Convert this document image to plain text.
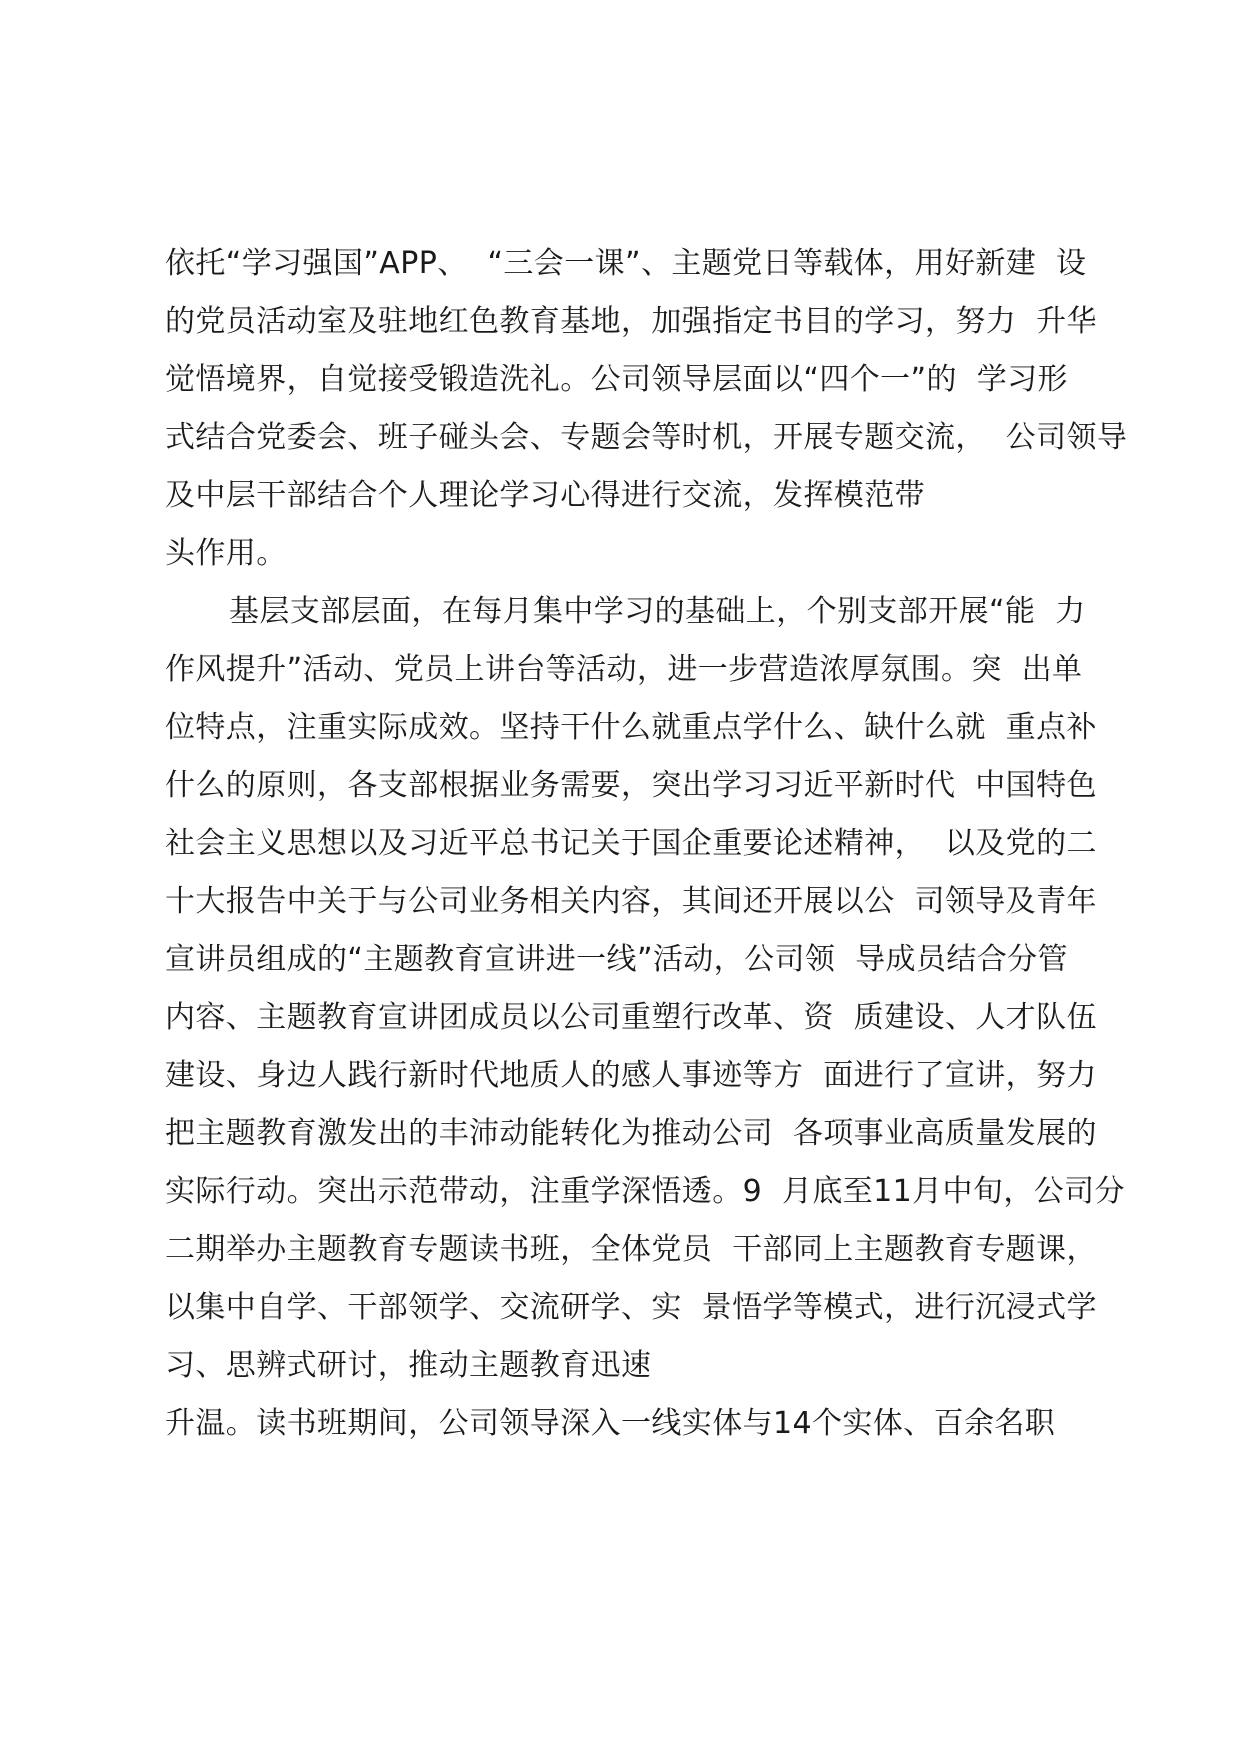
依托“学习强国”APP、  “三会一课”、主题党日等载体，用好新建  设
的党员活动室及驻地红色教育基地，加强指定书目的学习，努力  升华
觉悟境界，自觉接受锻造洗礼。公司领导层面以“四个一”的  学习形
式结合党委会、班子碰头会、专题会等时机，开展专题交流，  公司领导
及中层干部结合个人理论学习心得进行交流，发挥模范带
头作用。
基层支部层面，在每月集中学习的基础上，个别支部开展“能  力
作风提升”活动、党员上讲台等活动，进一步营造浓厚氛围。突  出单
位特点，注重实际成效。坚持干什么就重点学什么、缺什么就  重点补
什么的原则，各支部根据业务需要，突出学习习近平新时代  中国特色
社会主义思想以及习近平总书记关于国企重要论述精神，  以及党的二
十大报告中关于与公司业务相关内容，其间还开展以公  司领导及青年
宣讲员组成的“主题教育宣讲进一线”活动，公司领  导成员结合分管
内容、主题教育宣讲团成员以公司重塑行改革、资  质建设、人才队伍
建设、身边人践行新时代地质人的感人事迹等方  面进行了宣讲，努力
把主题教育激发出的丰沛动能转化为推动公司  各项事业高质量发展的
实际行动。突出示范带动，注重学深悟透。9  月底至11月中旬，公司分
二期举办主题教育专题读书班，全体党员  干部同上主题教育专题课，
以集中自学、干部领学、交流研学、实  景悟学等模式，进行沉浸式学
习、思辨式研讨，推动主题教育迅速
升温。读书班期间，公司领导深入一线实体与14个实体、百余名职
